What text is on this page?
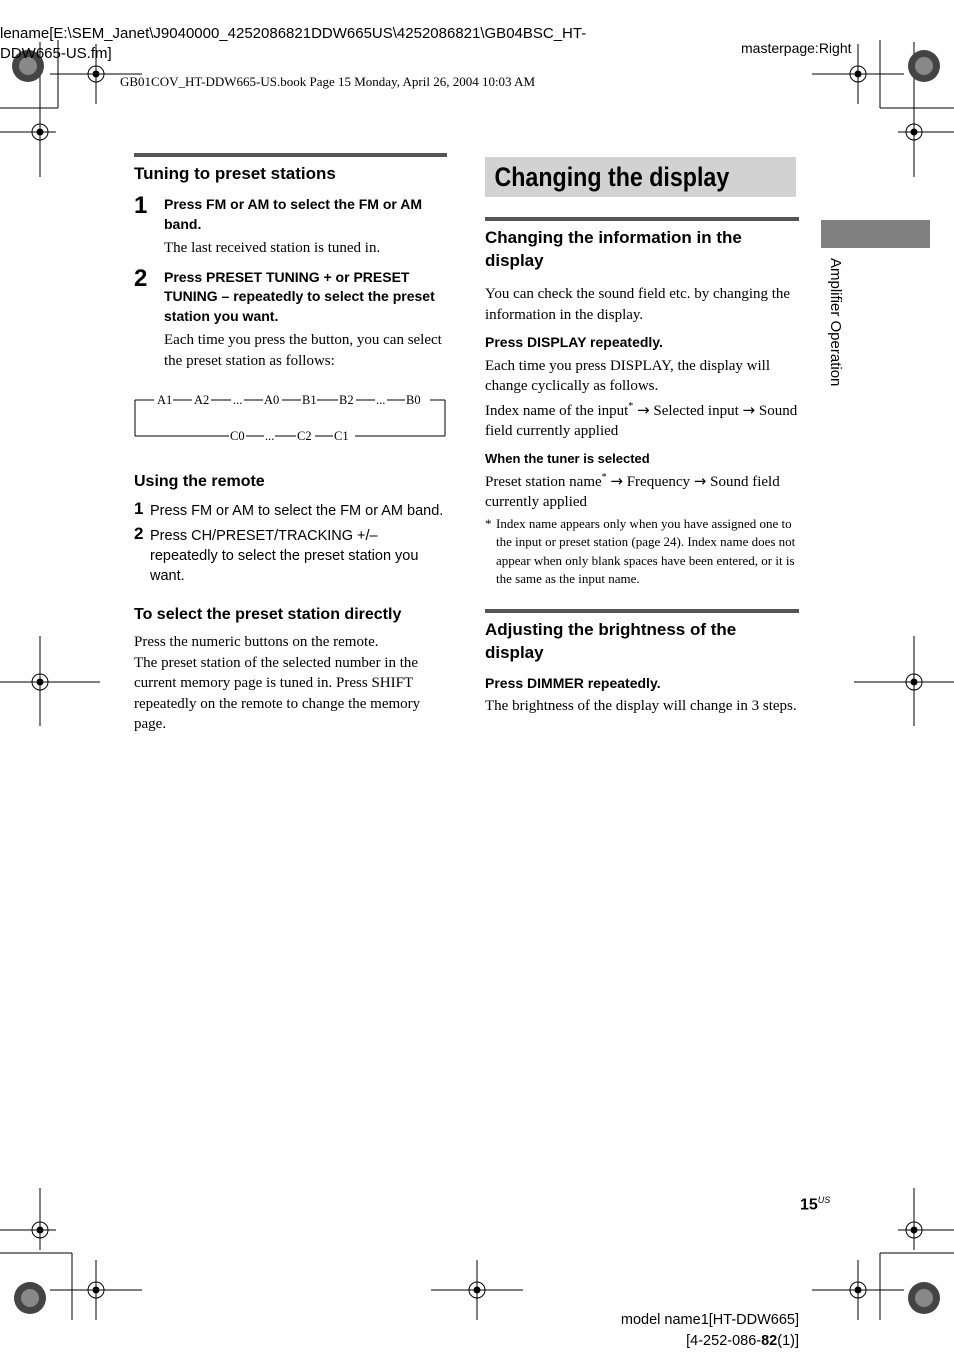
lename[E:\SEM_Janet\J9040000_4252086821DDW665US\4252086821\GB04BSC_HT-
DDW665-US.fm]	masterpage:Right
GB01COV_HT-DDW665-US.book Page 15 Monday, April 26, 2004 10:03 AM
Tuning to preset stations
1 Press FM or AM to select the FM or AM band.

The last received station is tuned in.

2 Press PRESET TUNING + or PRESET TUNING – repeatedly to select the preset station you want.

Each time you press the button, you can select the preset station as follows:

A1 A2 ... A0 B1 B2 ... B0
C0 ... C2 C1
Using the remote
1 Press FM or AM to select the FM or AM band.
2 Press CH/PRESET/TRACKING +/– repeatedly to select the preset station you want.
To select the preset station directly

Press the numeric buttons on the remote.

The preset station of the selected number in the current memory page is tuned in. Press SHIFT repeatedly on the remote to change the memory page.

Changing the display
Changing the information in the display

You can check the sound field etc. by changing the information in the display.

Press DISPLAY repeatedly.

Each time you press DISPLAY, the display will change cyclically as follows.

Index name of the input* → Selected input → Sound field currently applied

When the tuner is selected

Preset station name* → Frequency → Sound field currently applied

* Index name appears only when you have assigned one to the input or preset station (page 24). Index name does not appear when only blank spaces have been entered, or it is the same as the input name.
Adjusting the brightness of the display

Press DIMMER repeatedly.

The brightness of the display will change in 3 steps.

Amplifier Operation
$15^{US}$
model name1[HT-DDW665]
[4-252-086-82(1)]
